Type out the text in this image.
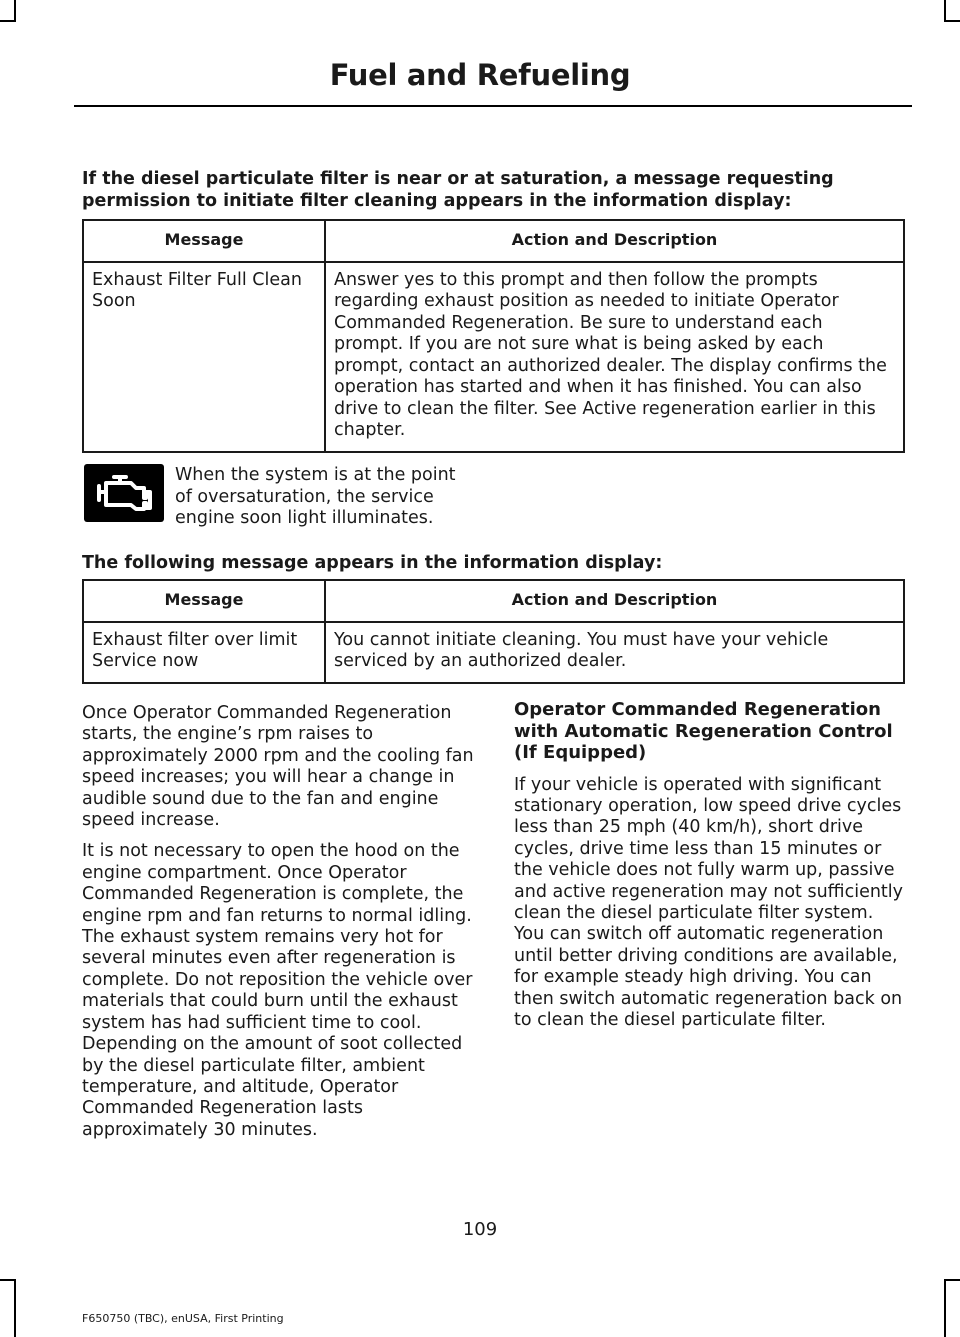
Fuel and Refueling
If the diesel particulate filter is near or at saturation, a message requesting permission to initiate filter cleaning appears in the information display:
Message	Action and Description
Exhaust Filter Full Clean Soon	Answer yes to this prompt and then follow the prompts regarding exhaust position as needed to initiate Operator Commanded Regeneration. Be sure to understand each prompt. If you are not sure what is being asked by each prompt, contact an authorized dealer. The display confirms the operation has started and when it has finished. You can also drive to clean the filter. See Active regeneration earlier in this chapter.
When the system is at the point of oversaturation, the service engine soon light illuminates.
The following message appears in the information display:
Message	Action and Description
Exhaust filter over limit Service now	You cannot initiate cleaning. You must have your vehicle serviced by an authorized dealer.

Once Operator Commanded Regeneration starts, the engine’s rpm raises to approximately 2000 rpm and the cooling fan speed increases; you will hear a change in audible sound due to the fan and engine speed increase.

It is not necessary to open the hood on the engine compartment. Once Operator Commanded Regeneration is complete, the engine rpm and fan returns to normal idling. The exhaust system remains very hot for several minutes even after regeneration is complete. Do not reposition the vehicle over materials that could burn until the exhaust system has had sufficient time to cool. Depending on the amount of soot collected by the diesel particulate filter, ambient temperature, and altitude, Operator Commanded Regeneration lasts approximately 30 minutes.

Operator Commanded Regeneration with Automatic Regeneration Control (If Equipped)

If your vehicle is operated with significant stationary operation, low speed drive cycles less than 25 mph (40 km/h), short drive cycles, drive time less than 15 minutes or the vehicle does not fully warm up, passive and active regeneration may not sufficiently clean the diesel particulate filter system. You can switch off automatic regeneration until better driving conditions are available, for example steady high driving. You can then switch automatic regeneration back on to clean the diesel particulate filter.

109
F650750 (TBC), enUSA, First Printing
